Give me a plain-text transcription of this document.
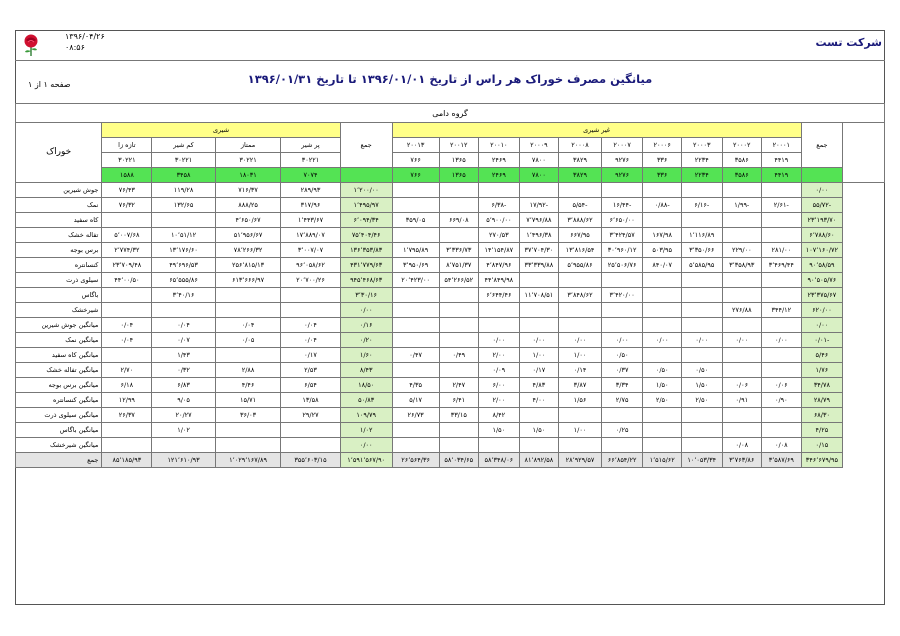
۱۳۹۶/۰۴/۲۶
۰۸:۵۶	شرکت تست
میانگین مصرف خوراک هر راس از تاریخ ۱۳۹۶/۰۱/۰۱ تا تاریخ ۱۳۹۶/۰۱/۳۱
صفحه ۱ از ۱
گروه دامی																	
خوراک	شیری				جمع	غیر شیری										جمع	
	تازه زا	کم شیر	ممتاز	پر شیر		۲۰۰۱۳	۲۰۰۱۲	۲۰۰۱۰	۲۰۰۰۹	۲۰۰۰۸	۲۰۰۰۷	۲۰۰۰۶	۲۰۰۰۳	۲۰۰۰۲	۲۰۰۰۱		
	۳۰۲۲۱	۳۰۲۲۱	۳۰۲۲۱	۳۰۲۲۱		۷۶۶	۱۳۶۵	۲۴۶۹	۷۸۰۰	۳۸۲۹	۹۲۷۶	۳۳۶	۲۲۳۴	۳۵۸۶	۴۴۱۹		
	۱۵۸۸	۳۴۵۸	۱۸۰۳۱	۷۰۷۴		۷۶۶	۱۳۶۵	۲۴۶۹	۷۸۰۰	۳۸۲۹	۹۲۷۶	۳۳۶	۲۲۳۴	۳۵۸۶	۴۴۱۹		
جوش شیرین	۷۶/۴۳	۱۱۹/۲۸	۷۱۶/۳۷	۲۸۹/۹۳	۱٬۲۰۰/۰۰											۰/۰۰	
نمک	۷۶/۳۲	۱۳۲/۶۵	۸۸۸/۲۵	۳۱۷/۹۶	۱٬۴۹۵/۹۷			۶/۳۸-	۱۷/۹۲-	۵/۵۴-	۱۶/۴۴-	۰/۸۸-	۶/۱۶-	۱/۹۹-	۲/۶۱-	۵۵/۷۲-	
کاه سفید			۴٬۶۵۰/۶۷	۱٬۴۴۳/۶۷	۶٬۰۹۴/۳۴	۳۵۹/۰۵	۶۶۹/۰۸	۵٬۹۰۰/۰۰	۷٬۷۹۶/۸۸	۳٬۸۸۸/۶۲	۶٬۶۵۰/۰۰					۲۳٬۱۹۳/۷۰	
تفاله خشک	۵٬۰۰۷/۶۸	۱۰٬۵۱/۱۲	۵۱٬۹۵۶/۶۷	۱۷٬۸۸۹/۰۷	۷۵٬۴۰۴/۴۶			۲۷۰/۵۳	۱٬۴۹۶/۳۸	۶۶۷/۹۵	۳٬۴۲۴/۵۷	۱۶۷/۹۸	۱٬۱۱۶/۸۹			۶٬۷۸۸/۶۰	
برس بوجه	۲٬۷۷۴/۳۲	۱۳٬۱۷۶/۶۰	۷۸٬۲۶۶/۳۲	۳٬۰۰۷/۰۷	۱۳۶٬۳۵۳/۸۳	۱٬۷۹۵/۸۹	۳٬۳۳۶/۷۳	۱۴٬۱۵۴/۸۷	۳۷٬۷۰۴/۳۰	۱۳٬۸۱۶/۵۴	۳۰٬۹۶۰/۱۲	۵۰۳/۹۵	۳٬۳۵۰/۶۶	۲۲۹/۰۰	۲۸۱/۰۰	۱۰۷٬۱۶۰/۷۲	
کنسانتره	۲۳٬۷۰۹/۴۸	۴۹٬۶۹۶/۵۳	۲۵۶٬۸۱۵/۱۳	۹۶٬۰۵۸/۶۲	۴۳۱٬۷۷۹/۶۳	۳٬۹۵۰/۶۹	۸٬۷۵۱/۳۷	۴٬۸۴۷/۹۶	۳۳٬۳۳۹/۸۸	۵٬۹۵۵/۸۶	۲۵٬۵۰۶/۷۶	۸۴۰/۰۷	۵٬۵۸۵/۹۵	۳٬۳۵۸/۹۳	۳٬۴۶۹/۴۴	۹۰٬۵۸/۵۹	
سیلوی ذرت	۴۴٬۰۰/۵۰	۶۵٬۵۵۵/۸۶	۶۱۳٬۶۶۶/۹۷	۲۰٬۷۰۰/۲۶	۹۴۵٬۴۶۸/۶۳	۲۰٬۴۲۳/۰۰	۵۴٬۲۶۶/۵۲	۴۴٬۸۴۹/۹۸								۹۰٬۵۰۵/۷۶	
باگاس		۳٬۴۰/۱۶			۳٬۳۰/۱۶			۶٬۶۴۴/۴۶	۱۱٬۷۰۸/۵۱	۳٬۸۴۸/۶۲	۳٬۴۲۰/۰۰					۲۳٬۳۷۵/۶۷	
شیرخشک					۰/۰۰									۲۷۶/۸۸	۳۴۴/۱۲	۶۲۰/۰۰	
میانگین جوش شیرین	۰/۰۴	۰/۰۴	۰/۰۴	۰/۰۴	۰/۱۶											۰/۰۰	
میانگین نمک	۰/۰۴	۰/۰۷	۰/۰۵	۰/۰۴	۰/۲۰			۰/۰۰	۰/۰۰	۰/۰۰	۰/۰۰	۰/۰۰	۰/۰۰	۰/۰۰	۰/۰۰	۰/۰۱-	
میانگین کاه سفید		۱/۴۳		۰/۱۷	۱/۶۰	۰/۴۷	۰/۴۹	۲/۰۰	۱/۰۰	۱/۰۰	۰/۵۰					۵/۴۶	
میانگین تفاله خشک	۲/۷۰	۰/۳۲	۲/۸۸	۲/۵۳	۸/۴۳			۰/۰۹	۰/۱۷	۰/۱۴	۰/۳۷	۰/۵۰	۰/۵۰			۱/۷۶	
میانگین برس بوجه	۶/۱۸	۶/۸۳	۴/۴۶	۶/۵۴	۱۸/۵۰	۴/۳۵	۲/۴۷	۶/۰۰	۴/۸۳	۳/۸۷	۳/۳۴	۱/۵۰	۱/۵۰	۰/۰۶	۰/۰۶	۳۴/۷۸	
میانگین کنسانتره	۱۲/۹۹	۹/۰۵	۱۵/۷۱	۱۳/۵۸	۵۰/۸۳	۵/۱۷	۶/۴۱	۲/۰۰	۴/۰۰	۱/۵۶	۲/۷۵	۲/۵۰	۲/۵۰	۰/۹۱	۰/۹۰	۲۸/۷۹	
میانگین سیلوی ذرت	۲۶/۳۷	۲۰/۲۷	۳۶/۰۳	۲۹/۲۷	۱۰۹/۷۹	۲۶/۷۳	۳۳/۱۵	۸/۴۲								۶۸/۳۰	
میانگین باگاس		۱/۰۲			۱/۰۲			۱/۵۰	۱/۵۰	۱/۰۰	۰/۲۵					۴/۲۵	
میانگین شیرخشک					۰/۰۰									۰/۰۸	۰/۰۸	۰/۱۵	
جمع	۸۵٬۱۸۵/۹۳	۱۲۱٬۶۱۰/۹۳	۱٬۰۲۹٬۱۶۷/۸۹	۳۵۵٬۶۰۳/۱۵	۱٬۵۹۱٬۵۶۷/۹۰	۲۶٬۵۶۴/۳۶	۵۸٬۰۳۴/۶۵	۵۸٬۳۴۸/۰۶	۸۱٬۸۹۲/۵۸	۲۸٬۹۲۹/۵۷	۶۶٬۸۵۴/۲۲	۱٬۵۱۵/۶۲	۱۰٬۰۵۳/۳۴	۳٬۷۶۳/۸۶	۳٬۵۸۷/۶۹	۳۴۶٬۶۷۹/۹۵	
